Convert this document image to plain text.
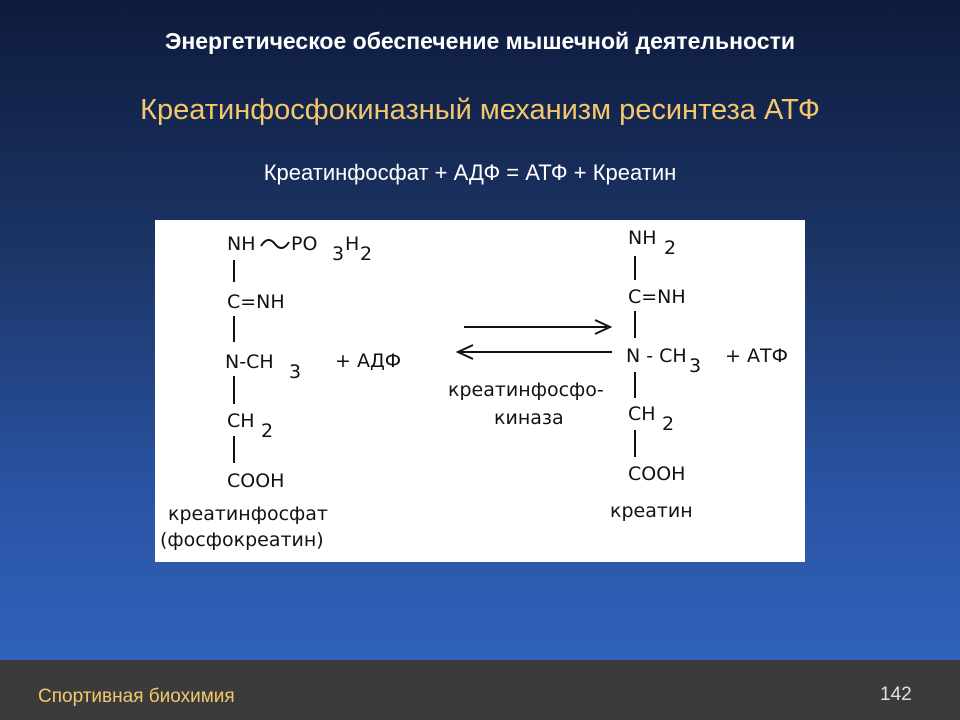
Энергетическое обеспечение мышечной деятельности
Креатинфосфокиназный механизм ресинтеза АТФ
Креатинфосфат + АДФ = АТФ + Креатин
NH PO 3 H 2
C=NH
N-CH 3
CH 2
COOH
креатинфосфат
(фосфокреатин)
+ АДФ
креатинфосфо-
киназа
NH 2
C=NH
N - CH 3
CH 2
COOH
креатин
+ АТФ
Спортивная биохимия	142
